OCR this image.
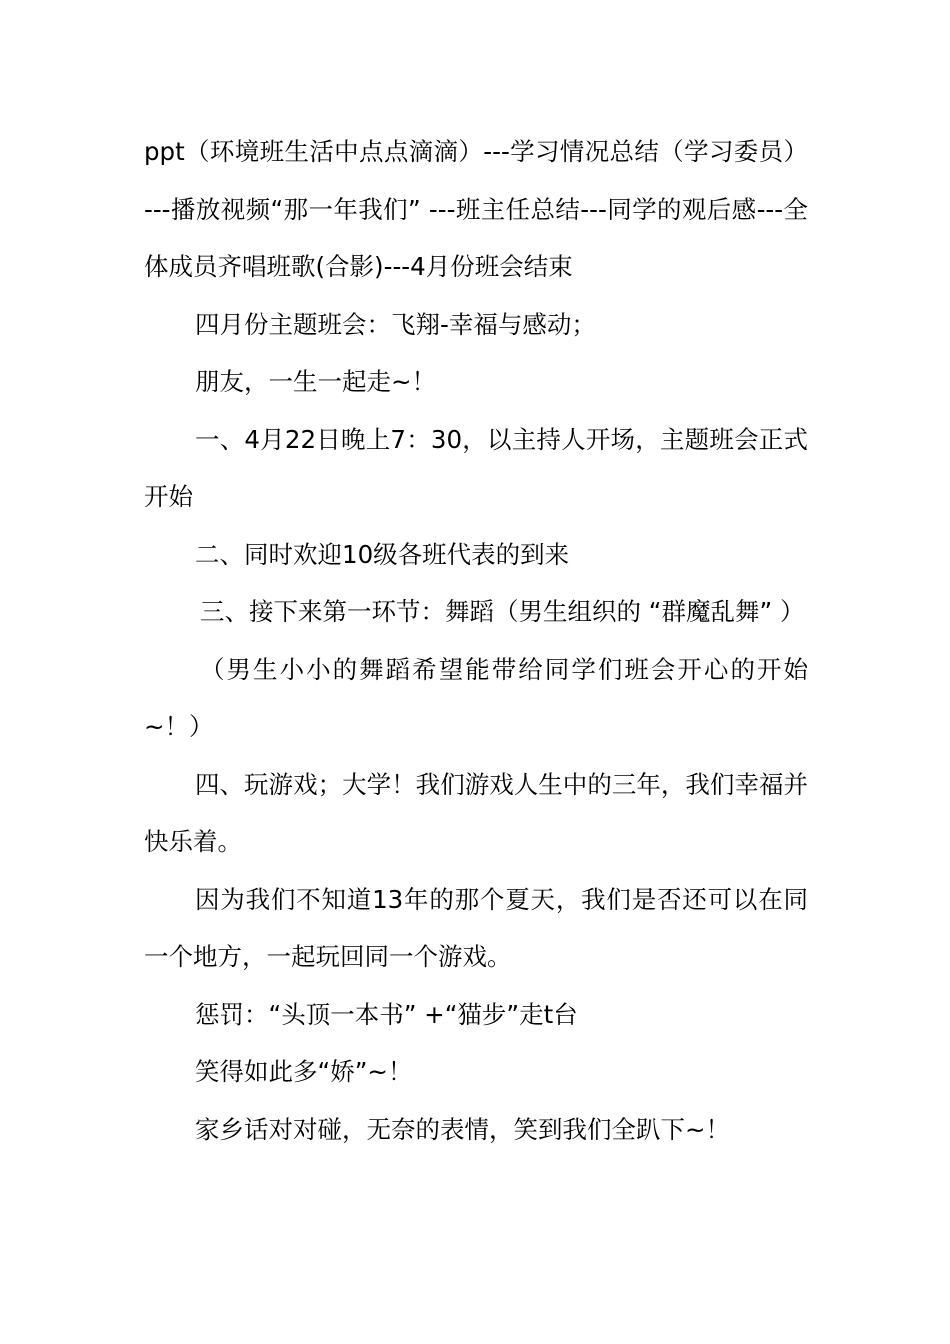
ppt（环境班生活中点点滴滴）---学习情况总结（学习委员）---播放视频“那一年我们” ---班主任总结---同学的观后感---全体成员齐唱班歌(合影)---4月份班会结束

四月份主题班会：飞翔-幸福与感动；

朋友，一生一起走~！

一、4月22日晚上7：30，以主持人开场，主题班会正式开始

二、同时欢迎10级各班代表的到来

三、接下来第一环节：舞蹈（男生组织的 “群魔乱舞” ）

（男生小小的舞蹈希望能带给同学们班会开心的开始~！）

四、玩游戏；大学！我们游戏人生中的三年，我们幸福并快乐着。

因为我们不知道13年的那个夏天，我们是否还可以在同一个地方，一起玩回同一个游戏。

惩罚：“头顶一本书” +“猫步”走t台

笑得如此多“娇”~！

家乡话对对碰，无奈的表情，笑到我们全趴下~！
